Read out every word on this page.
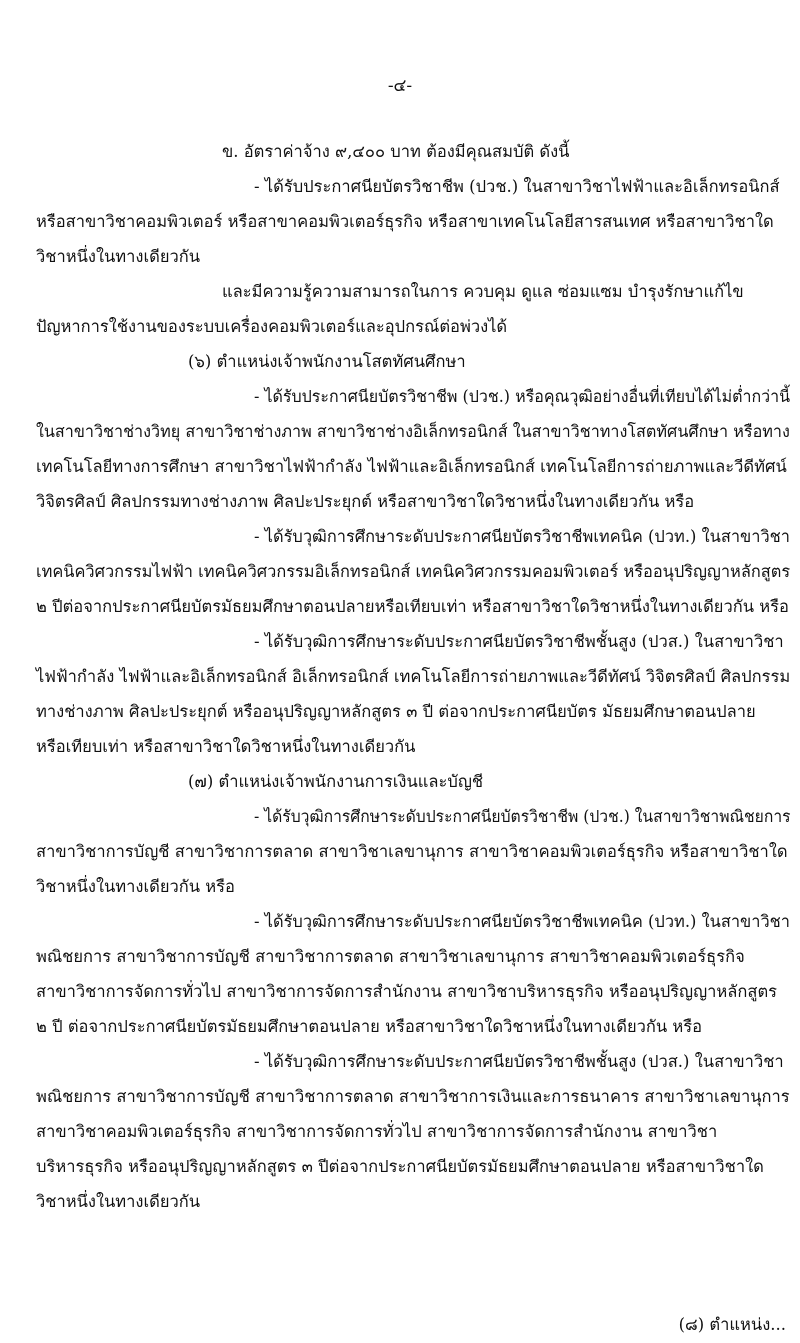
-๔-
ข. อัตราค่าจ้าง ๙,๔๐๐ บาท ต้องมีคุณสมบัติ ดังนี้
- ได้รับประกาศนียบัตรวิชาชีพ (ปวช.) ในสาขาวิชาไฟฟ้าและอิเล็กทรอนิกส์
หรือสาขาวิชาคอมพิวเตอร์ หรือสาขาคอมพิวเตอร์ธุรกิจ หรือสาขาเทคโนโลยีสารสนเทศ หรือสาขาวิชาใด
วิชาหนึ่งในทางเดียวกัน
และมีความรู้ความสามารถในการ ควบคุม ดูแล ซ่อมแซม บำรุงรักษาแก้ไข
ปัญหาการใช้งานของระบบเครื่องคอมพิวเตอร์และอุปกรณ์ต่อพ่วงได้
(๖) ตำแหน่งเจ้าพนักงานโสตทัศนศึกษา
- ได้รับประกาศนียบัตรวิชาชีพ (ปวช.) หรือคุณวุฒิอย่างอื่นที่เทียบได้ไม่ต่ำกว่านี้
ในสาขาวิชาช่างวิทยุ สาขาวิชาช่างภาพ สาขาวิชาช่างอิเล็กทรอนิกส์ ในสาขาวิชาทางโสตทัศนศึกษา หรือทาง
เทคโนโลยีทางการศึกษา สาขาวิชาไฟฟ้ากำลัง ไฟฟ้าและอิเล็กทรอนิกส์ เทคโนโลยีการถ่ายภาพและวีดีทัศน์
วิจิตรศิลป์ ศิลปกรรมทางช่างภาพ ศิลปะประยุกต์ หรือสาขาวิชาใดวิชาหนึ่งในทางเดียวกัน หรือ
- ได้รับวุฒิการศึกษาระดับประกาศนียบัตรวิชาชีพเทคนิค (ปวท.) ในสาขาวิชา
เทคนิควิศวกรรมไฟฟ้า เทคนิควิศวกรรมอิเล็กทรอนิกส์ เทคนิควิศวกรรมคอมพิวเตอร์ หรืออนุปริญญาหลักสูตร
๒ ปีต่อจากประกาศนียบัตรมัธยมศึกษาตอนปลายหรือเทียบเท่า หรือสาขาวิชาใดวิชาหนึ่งในทางเดียวกัน หรือ
- ได้รับวุฒิการศึกษาระดับประกาศนียบัตรวิชาชีพชั้นสูง (ปวส.) ในสาขาวิชา
ไฟฟ้ากำลัง ไฟฟ้าและอิเล็กทรอนิกส์ อิเล็กทรอนิกส์ เทคโนโลยีการถ่ายภาพและวีดีทัศน์ วิจิตรศิลป์ ศิลปกรรม
ทางช่างภาพ ศิลปะประยุกต์ หรืออนุปริญญาหลักสูตร ๓ ปี ต่อจากประกาศนียบัตร มัธยมศึกษาตอนปลาย
หรือเทียบเท่า หรือสาขาวิชาใดวิชาหนึ่งในทางเดียวกัน
(๗) ตำแหน่งเจ้าพนักงานการเงินและบัญชี
- ได้รับวุฒิการศึกษาระดับประกาศนียบัตรวิชาชีพ (ปวช.) ในสาขาวิชาพณิชยการ
สาขาวิชาการบัญชี สาขาวิชาการตลาด สาขาวิชาเลขานุการ สาขาวิชาคอมพิวเตอร์ธุรกิจ หรือสาขาวิชาใด
วิชาหนึ่งในทางเดียวกัน หรือ
- ได้รับวุฒิการศึกษาระดับประกาศนียบัตรวิชาชีพเทคนิค (ปวท.) ในสาขาวิชา
พณิชยการ สาขาวิชาการบัญชี สาขาวิชาการตลาด สาขาวิชาเลขานุการ สาขาวิชาคอมพิวเตอร์ธุรกิจ
สาขาวิชาการจัดการทั่วไป สาขาวิชาการจัดการสำนักงาน สาขาวิชาบริหารธุรกิจ หรืออนุปริญญาหลักสูตร
๒ ปี ต่อจากประกาศนียบัตรมัธยมศึกษาตอนปลาย หรือสาขาวิชาใดวิชาหนึ่งในทางเดียวกัน หรือ
- ได้รับวุฒิการศึกษาระดับประกาศนียบัตรวิชาชีพชั้นสูง (ปวส.) ในสาขาวิชา
พณิชยการ สาขาวิชาการบัญชี สาขาวิชาการตลาด สาขาวิชาการเงินและการธนาคาร สาขาวิชาเลขานุการ
สาขาวิชาคอมพิวเตอร์ธุรกิจ สาขาวิชาการจัดการทั่วไป สาขาวิชาการจัดการสำนักงาน สาขาวิชา
บริหารธุรกิจ หรืออนุปริญญาหลักสูตร ๓ ปีต่อจากประกาศนียบัตรมัธยมศึกษาตอนปลาย หรือสาขาวิชาใด
วิชาหนึ่งในทางเดียวกัน
(๘) ตำแหน่ง...
